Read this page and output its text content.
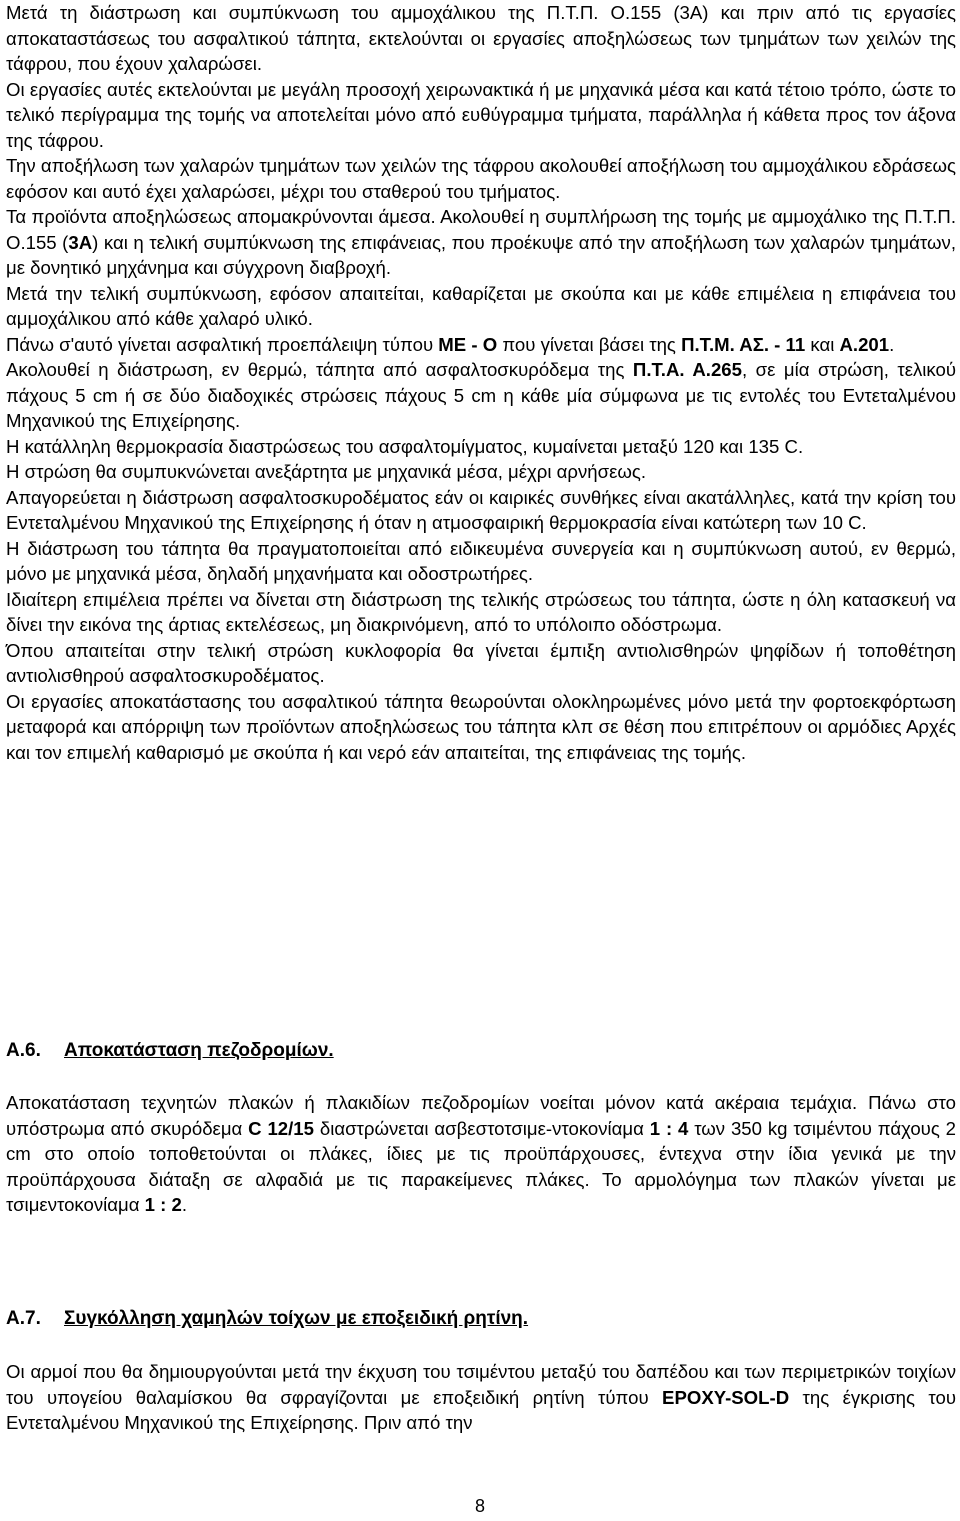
Μετά τη διάστρωση και συμπύκνωση του αμμοχάλικου της Π.Τ.Π. Ο.155 (3Α) και πριν από τις εργασίες αποκαταστάσεως του ασφαλτικού τάπητα, εκτελούνται οι εργασίες αποξηλώσεως των τμημάτων των χειλών της τάφρου, που έχουν χαλαρώσει.

Οι εργασίες αυτές εκτελούνται με μεγάλη προσοχή χειρωνακτικά ή με μηχανικά μέσα και κατά τέτοιο τρόπο, ώστε το τελικό περίγραμμα της τομής να αποτελείται μόνο από ευθύγραμμα τμήματα, παράλληλα ή κάθετα προς τον άξονα της τάφρου.

Την αποξήλωση των χαλαρών τμημάτων των χειλών της τάφρου ακολουθεί αποξήλωση του αμμοχάλικου εδράσεως εφόσον και αυτό έχει χαλαρώσει, μέχρι του σταθερού του τμήματος.

Τα προϊόντα αποξηλώσεως απομακρύνονται άμεσα. Ακολουθεί η συμπλήρωση της τομής με αμμοχάλικο της Π.Τ.Π. Ο.155 (3Α) και η τελική συμπύκνωση της επιφάνειας, που προέκυψε από την αποξήλωση των χαλαρών τμημάτων, με δονητικό μηχάνημα και σύγχρονη διαβροχή.

Μετά την τελική συμπύκνωση, εφόσον απαιτείται, καθαρίζεται με σκούπα και με κάθε επιμέλεια η επιφάνεια του αμμοχάλικου από κάθε χαλαρό υλικό.

Πάνω σ'αυτό γίνεται ασφαλτική προεπάλειψη τύπου ΜΕ - Ο που γίνεται βάσει της Π.Τ.Μ. ΑΣ. - 11 και Α.201.

Ακολουθεί η διάστρωση, εν θερμώ, τάπητα από ασφαλτοσκυρόδεμα της Π.Τ.Α. Α.265, σε μία στρώση, τελικού πάχους 5 cm ή σε δύο διαδοχικές στρώσεις πάχους 5 cm η κάθε μία σύμφωνα με τις εντολές του Εντεταλμένου Μηχανικού της Επιχείρησης.

Η κατάλληλη θερμοκρασία διαστρώσεως του ασφαλτομίγματος, κυμαίνεται μεταξύ 120 και 135 C.

Η στρώση θα συμπυκνώνεται ανεξάρτητα με μηχανικά μέσα, μέχρι αρνήσεως.

Απαγορεύεται η διάστρωση ασφαλτοσκυροδέματος εάν οι καιρικές συνθήκες είναι ακατάλληλες, κατά την κρίση του Εντεταλμένου Μηχανικού της Επιχείρησης ή όταν η ατμοσφαιρική θερμοκρασία είναι κατώτερη των 10 C.

Η διάστρωση του τάπητα θα πραγματοποιείται από ειδικευμένα συνεργεία και η συμπύκνωση αυτού, εν θερμώ, μόνο με μηχανικά μέσα, δηλαδή μηχανήματα και οδοστρωτήρες.

Ιδιαίτερη επιμέλεια πρέπει να δίνεται στη διάστρωση της τελικής στρώσεως του τάπητα, ώστε η όλη κατασκευή να δίνει την εικόνα της άρτιας εκτελέσεως, μη διακρινόμενη, από το υπόλοιπο οδόστρωμα.

Όπου απαιτείται στην τελική στρώση κυκλοφορία θα γίνεται έμπιξη αντιολισθηρών ψηφίδων ή τοποθέτηση αντιολισθηρού ασφαλτοσκυροδέματος.

Οι εργασίες αποκατάστασης του ασφαλτικού τάπητα θεωρούνται ολοκληρωμένες μόνο μετά την φορτοεκφόρτωση μεταφορά και απόρριψη των προϊόντων αποξηλώσεως του τάπητα κλπ σε θέση που επιτρέπουν οι αρμόδιες Αρχές και τον επιμελή καθαρισμό με σκούπα ή και νερό εάν απαιτείται, της επιφάνειας της τομής.

Α.6. Αποκατάσταση πεζοδρομίων.

Αποκατάσταση τεχνητών πλακών ή πλακιδίων πεζοδρομίων νοείται μόνον κατά ακέραια τεμάχια. Πάνω στο υπόστρωμα από σκυρόδεμα C 12/15 διαστρώνεται ασβεστοτσιμε-ντοκονίαμα 1 : 4 των 350 kg τσιμέντου πάχους 2 cm στο οποίο τοποθετούνται οι πλάκες, ίδιες με τις προϋπάρχουσες, έντεχνα στην ίδια γενικά με την προϋπάρχουσα διάταξη σε αλφαδιά με τις παρακείμενες πλάκες. Το αρμολόγημα των πλακών γίνεται με τσιμεντοκονίαμα 1 : 2.

Α.7. Συγκόλληση χαμηλών τοίχων με εποξειδική ρητίνη.

Οι αρμοί που θα δημιουργούνται μετά την έκχυση του τσιμέντου μεταξύ του δαπέδου και των περιμετρικών τοιχίων του υπογείου θαλαμίσκου θα σφραγίζονται με εποξειδική ρητίνη τύπου EPOXY-SOL-D της έγκρισης του Εντεταλμένου Μηχανικού της Επιχείρησης. Πριν από την

8
